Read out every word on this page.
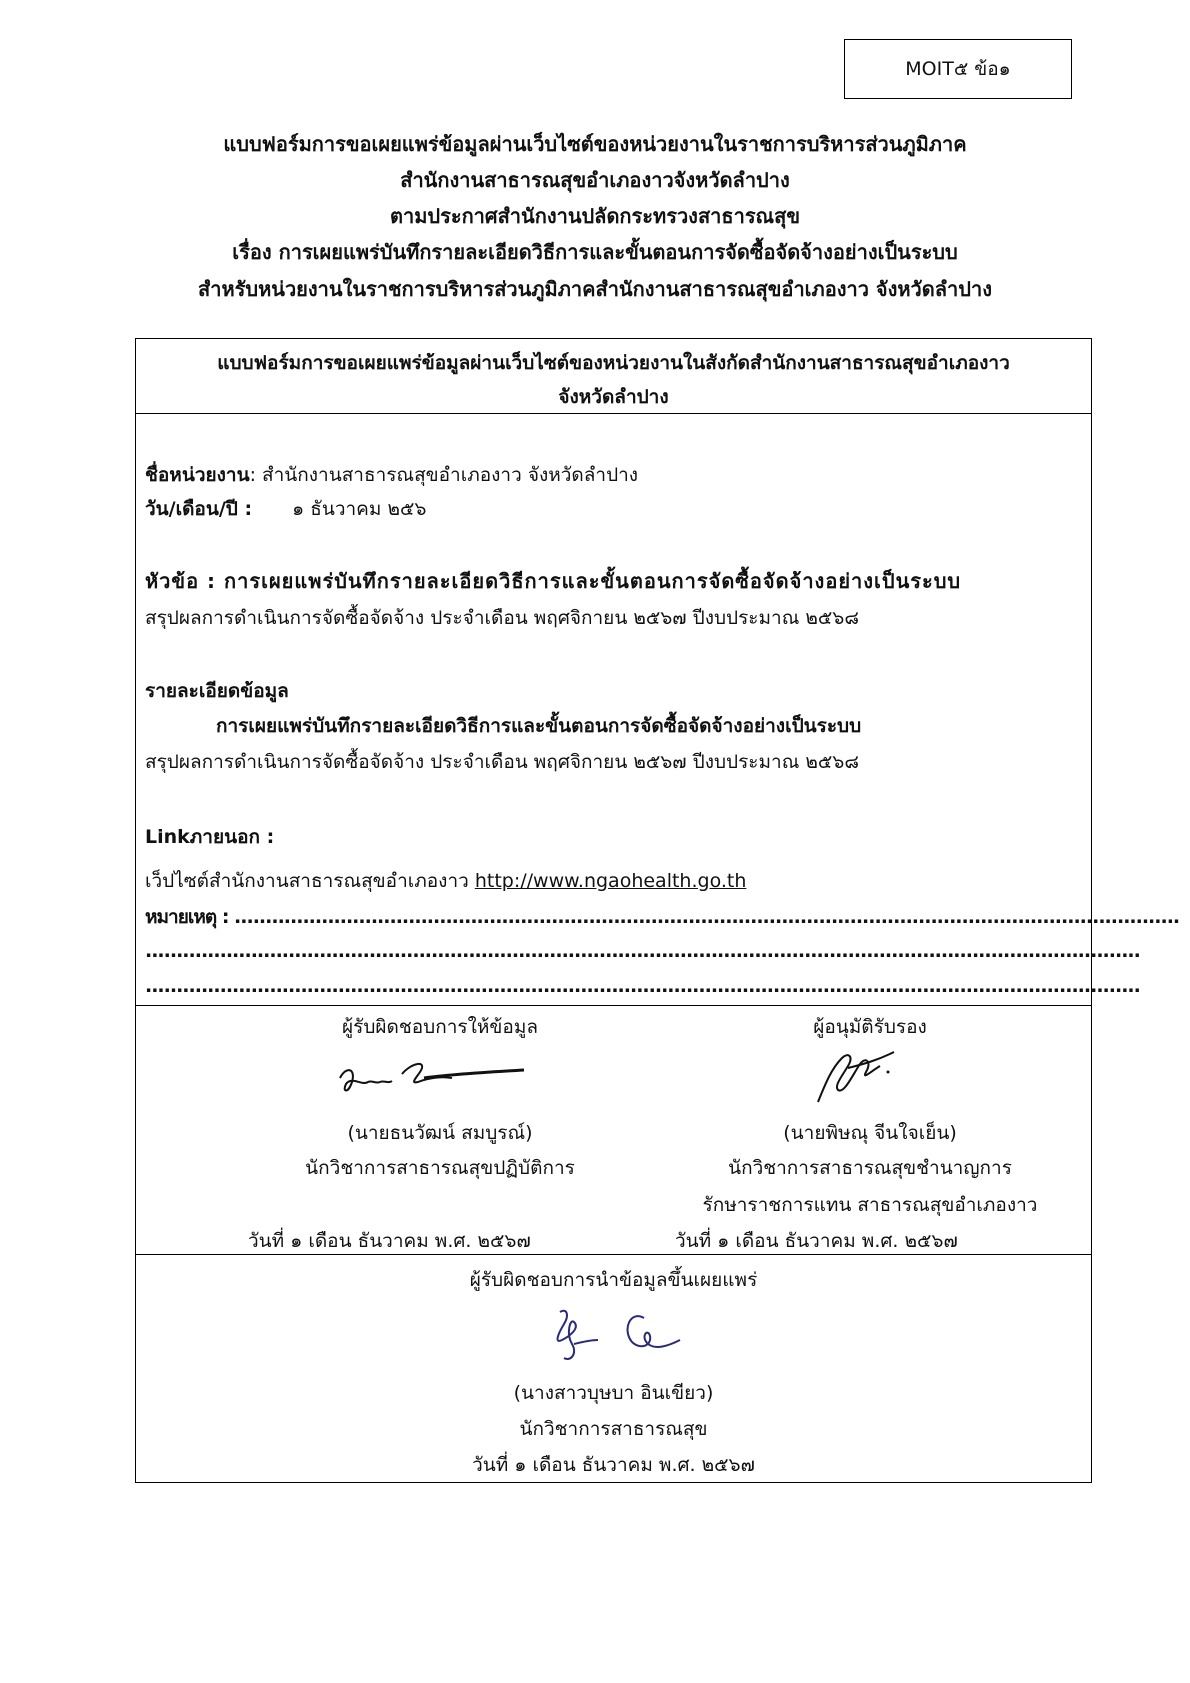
MOIT๕ ข้อ๑
แบบฟอร์มการขอเผยแพร่ข้อมูลผ่านเว็บไซต์ของหน่วยงานในราชการบริหารส่วนภูมิภาค
สำนักงานสาธารณสุขอำเภองาวจังหวัดลำปาง
ตามประกาศสำนักงานปลัดกระทรวงสาธารณสุข
เรื่อง การเผยแพร่บันทึกรายละเอียดวิธีการและขั้นตอนการจัดซื้อจัดจ้างอย่างเป็นระบบ
สำหรับหน่วยงานในราชการบริหารส่วนภูมิภาคสำนักงานสาธารณสุขอำเภองาว จังหวัดลำปาง
แบบฟอร์มการขอเผยแพร่ข้อมูลผ่านเว็บไซต์ของหน่วยงานในสังกัดสำนักงานสาธารณสุขอำเภองาว
จังหวัดลำปาง
ชื่อหน่วยงาน: สำนักงานสาธารณสุขอำเภองาว จังหวัดลำปาง
วัน/เดือน/ปี : ๑ ธันวาคม ๒๕๖
หัวข้อ : การเผยแพร่บันทึกรายละเอียดวิธีการและขั้นตอนการจัดซื้อจัดจ้างอย่างเป็นระบบ
สรุปผลการดำเนินการจัดซื้อจัดจ้าง ประจำเดือน พฤศจิกายน ๒๕๖๗ ปีงบประมาณ ๒๕๖๘
รายละเอียดข้อมูล
การเผยแพร่บันทึกรายละเอียดวิธีการและขั้นตอนการจัดซื้อจัดจ้างอย่างเป็นระบบ
สรุปผลการดำเนินการจัดซื้อจัดจ้าง ประจำเดือน พฤศจิกายน ๒๕๖๗ ปีงบประมาณ ๒๕๖๘
Linkภายนอก :
เว็ปไซต์สำนักงานสาธารณสุขอำเภองาว http://www.ngaohealth.go.th
หมายเหตุ : ........................................................................................................................................................
................................................................................................................................................................
................................................................................................................................................................
ผู้รับผิดชอบการให้ข้อมูล
(นายธนวัฒน์ สมบูรณ์)
นักวิชาการสาธารณสุขปฏิบัติการ
วันที่ ๑ เดือน ธันวาคม พ.ศ. ๒๕๖๗
ผู้อนุมัติรับรอง
(นายพิษณุ จีนใจเย็น)
นักวิชาการสาธารณสุขชำนาญการ
รักษาราชการแทน สาธารณสุขอำเภองาว
วันที่ ๑ เดือน ธันวาคม พ.ศ. ๒๕๖๗
ผู้รับผิดชอบการนำข้อมูลขึ้นเผยแพร่
(นางสาวบุษบา อินเขียว)
นักวิชาการสาธารณสุข
วันที่ ๑ เดือน ธันวาคม พ.ศ. ๒๕๖๗
